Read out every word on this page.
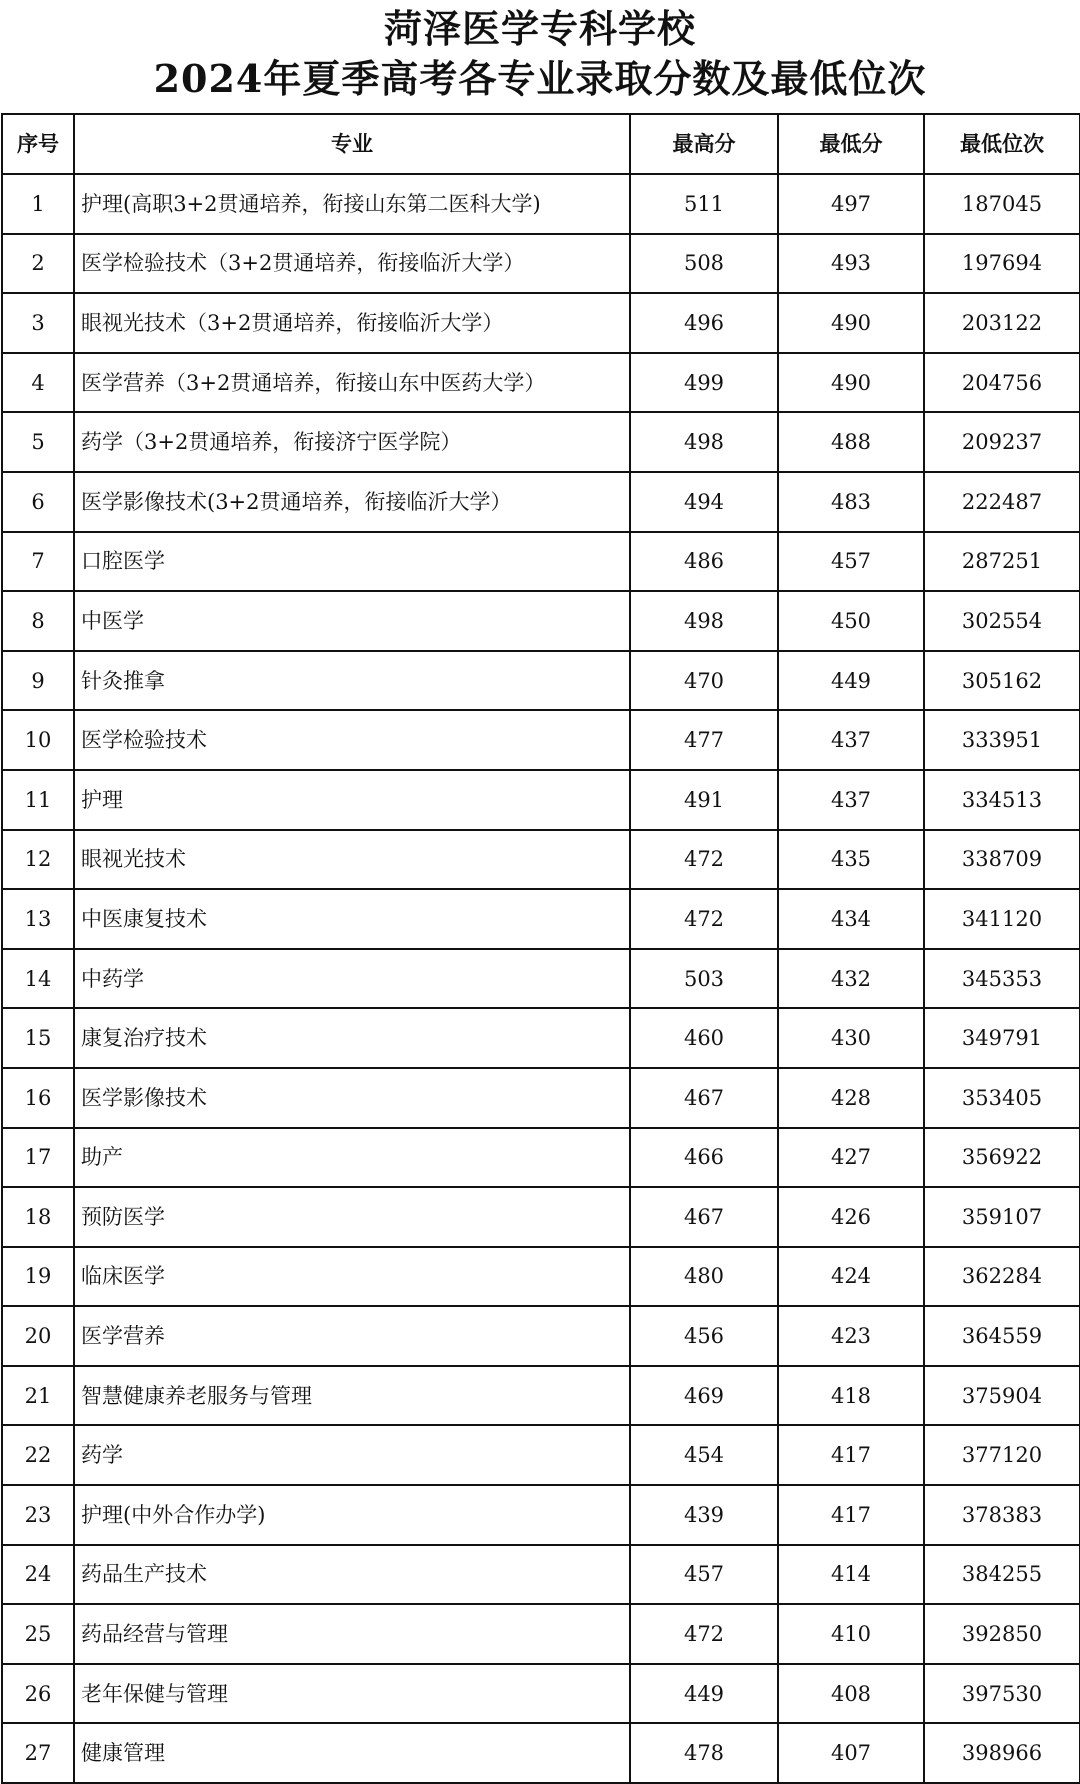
菏泽医学专科学校
2024年夏季高考各专业录取分数及最低位次
序号	专业	最高分	最低分	最低位次
1	护理(高职3+2贯通培养，衔接山东第二医科大学)	511	497	187045
2	医学检验技术（3+2贯通培养，衔接临沂大学）	508	493	197694
3	眼视光技术（3+2贯通培养，衔接临沂大学）	496	490	203122
4	医学营养（3+2贯通培养，衔接山东中医药大学）	499	490	204756
5	药学（3+2贯通培养，衔接济宁医学院）	498	488	209237
6	医学影像技术(3+2贯通培养，衔接临沂大学）	494	483	222487
7	口腔医学	486	457	287251
8	中医学	498	450	302554
9	针灸推拿	470	449	305162
10	医学检验技术	477	437	333951
11	护理	491	437	334513
12	眼视光技术	472	435	338709
13	中医康复技术	472	434	341120
14	中药学	503	432	345353
15	康复治疗技术	460	430	349791
16	医学影像技术	467	428	353405
17	助产	466	427	356922
18	预防医学	467	426	359107
19	临床医学	480	424	362284
20	医学营养	456	423	364559
21	智慧健康养老服务与管理	469	418	375904
22	药学	454	417	377120
23	护理(中外合作办学)	439	417	378383
24	药品生产技术	457	414	384255
25	药品经营与管理	472	410	392850
26	老年保健与管理	449	408	397530
27	健康管理	478	407	398966
